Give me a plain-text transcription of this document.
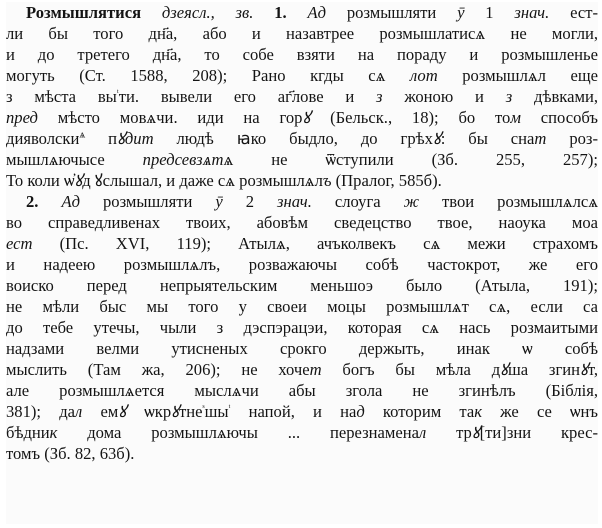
Розмышлятися дзеясл., зв. 1. Ад розмышляти ȳ 1 знач. ест-
ли бы того дн҃а, або и назавтрее розмышлатисѧ не могли,
и до третего дн҃а, то собе взяти на пораду и розмышленье
могуть (Ст. 1588, 208); Рано кгды сѧ лот розмышлѧл еще
з мѣста $вы^ᵗти$. вывели его аг҃лове и з жоною и з дѣвками,
пред мѣсто мовѧчи. иди на горꙋ (Бельск., 18); бо том способъ
дияволски$^ѧ$ пꙋдит людѣ ꙗко быдло, до грѣхꙋ: бы снат роз-
мышлѧючысе предсевзѧтѧ не ѿступили (Зб. 255, 257);
То коли ѡ҆ꙋд ꙋслышал, и даже сѧ розмышлѧлъ (Пралог, 585б).
2. Ад розмышляти ȳ 2 знач. слоуга ж твои розмышлѧлсѧ
во справедливенах твоих, абовѣм сведецство твое, наоука моа
ест (Пс. XVI, 119); Атылѧ, ачъколвекъ сѧ межи страхомъ
и надеею розмышлѧлъ, розважаючы собѣ частокрот, же его
воиско перед непрыятельским меньшоэ было (Атыла, 191);
не мѣли быс мы того у своеи моцы розмышлѧт сѧ, если са
до тебе утечы, чыли з дэспэрацэи, которая сѧ нась розмаитыми
надзами велми утисненых срокго держыть, инак ѡ собѣ
мыслить (Там жа, 206); не хочет богъ бы мѣла дꙋша згинꙋт,
але розмышлѧется мыслѧчи абы згола не згинѣлъ (Біблія,
381); дал емꙋ $ѡкрꙋтне^ˢшы^ᵗ$ напой, и над которим так же се ѡнъ
бѣдник дома розмышлѧючы ... перезнаменал трꙋ[ти]зни крес-
томъ (Зб. 82, 63б).
